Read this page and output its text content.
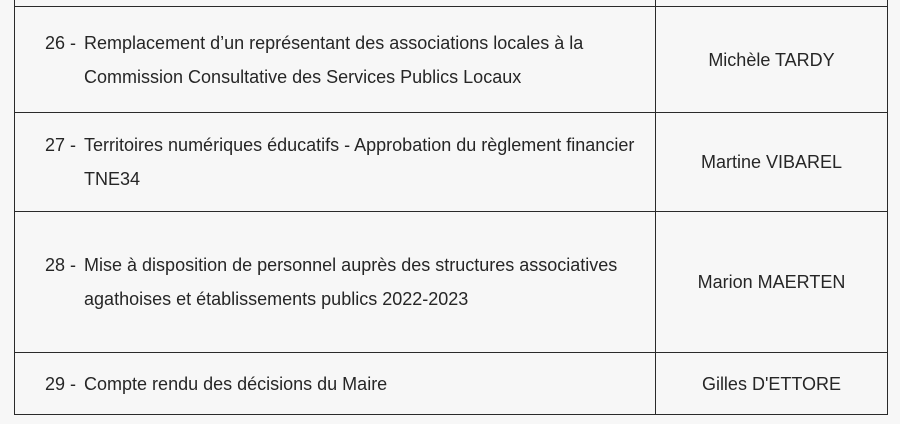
26 - Remplacement d’un représentant des associations locales à la Commission Consultative des Services Publics Locaux	Michèle TARDY

27 - Territoires numériques éducatifs - Approbation du règlement financier TNE34	Martine VIBAREL

28 - Mise à disposition de personnel auprès des structures associatives agathoises et établissements publics 2022-2023	Marion MAERTEN

29 - Compte rendu des décisions du Maire	Gilles D'ETTORE
